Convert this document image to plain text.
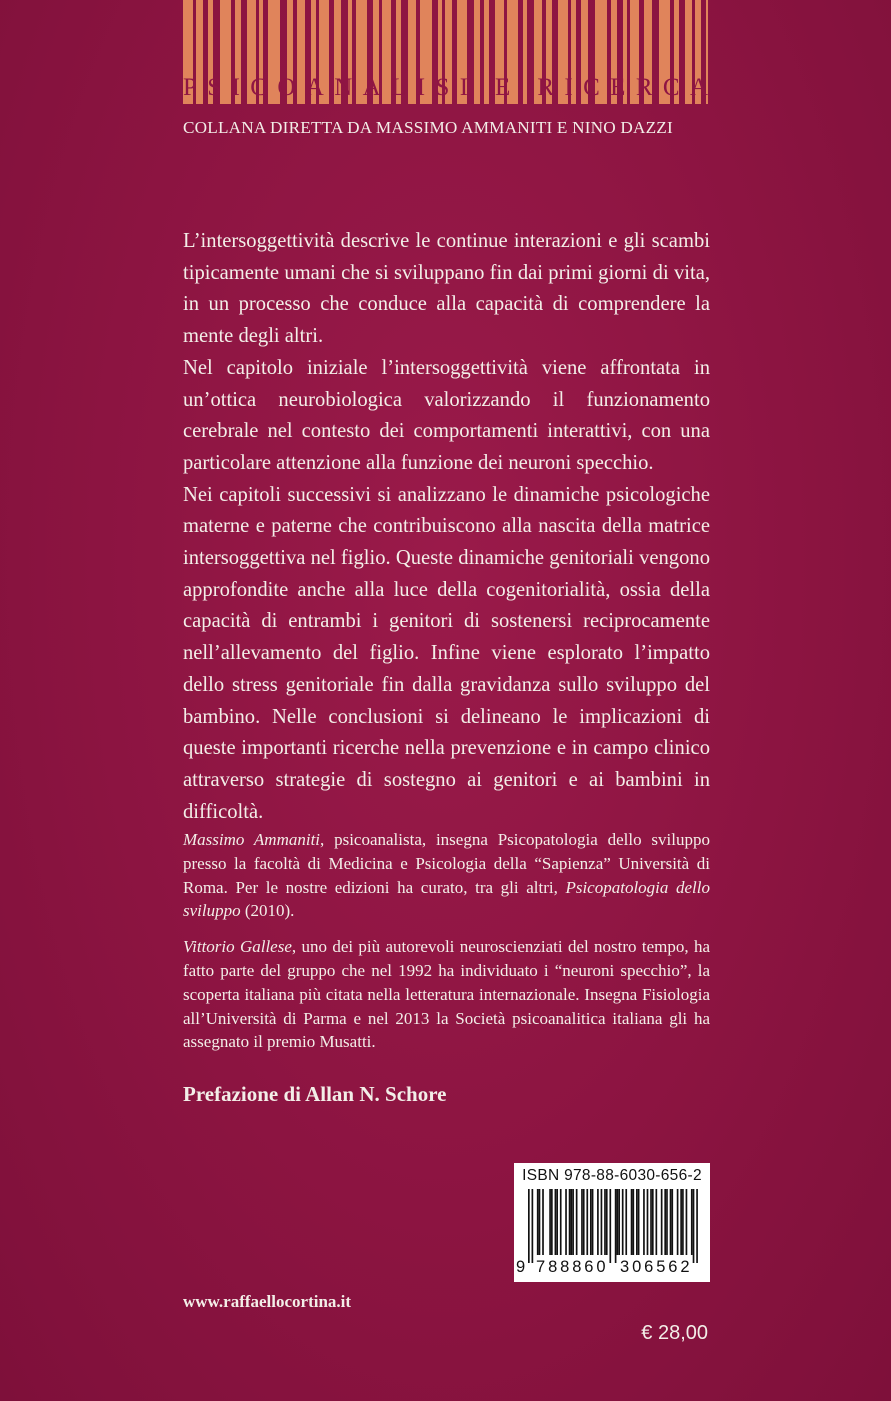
P S I C O A N A L I S I
E
R I C E R C A
COLLANA DIRETTA DA MASSIMO AMMANITI E NINO DAZZI

L’intersoggettività descrive le continue interazioni e gli scambi tipicamente umani che si sviluppano fin dai primi giorni di vita, in un processo che conduce alla capacità di comprendere la mente degli altri.

Nel capitolo iniziale l’intersoggettività viene affrontata in un’ottica neurobiologica valorizzando il funzionamento cerebrale nel contesto dei comportamenti interattivi, con una particolare attenzione alla funzione dei neuroni specchio.

Nei capitoli successivi si analizzano le dinamiche psicologiche materne e paterne che contribuiscono alla nascita della matrice intersoggettiva nel figlio. Queste dinamiche genitoriali vengono approfondite anche alla luce della cogenitorialità, ossia della capacità di entrambi i genitori di sostenersi reciprocamente nell’allevamento del figlio. Infine viene esplorato l’impatto dello stress genitoriale fin dalla gravidanza sullo sviluppo del bambino. Nelle conclusioni si delineano le implicazioni di queste importanti ricerche nella prevenzione e in campo clinico attraverso strategie di sostegno ai genitori e ai bambini in difficoltà.

Massimo Ammaniti, psicoanalista, insegna Psicopatologia dello sviluppo presso la facoltà di Medicina e Psicologia della “Sapienza” Università di Roma. Per le nostre edizioni ha curato, tra gli altri, Psicopatologia dello sviluppo (2010).

Vittorio Gallese, uno dei più autorevoli neuroscienziati del nostro tempo, ha fatto parte del gruppo che nel 1992 ha individuato i “neuroni specchio”, la scoperta italiana più citata nella letteratura internazionale. Insegna Fisiologia all’Università di Parma e nel 2013 la Società psicoanalitica italiana gli ha assegnato il premio Musatti.

Prefazione di Allan N. Schore
ISBN 978-88-6030-656-2
9 788860 306562
www.raffaellocortina.it
€ 28,00
